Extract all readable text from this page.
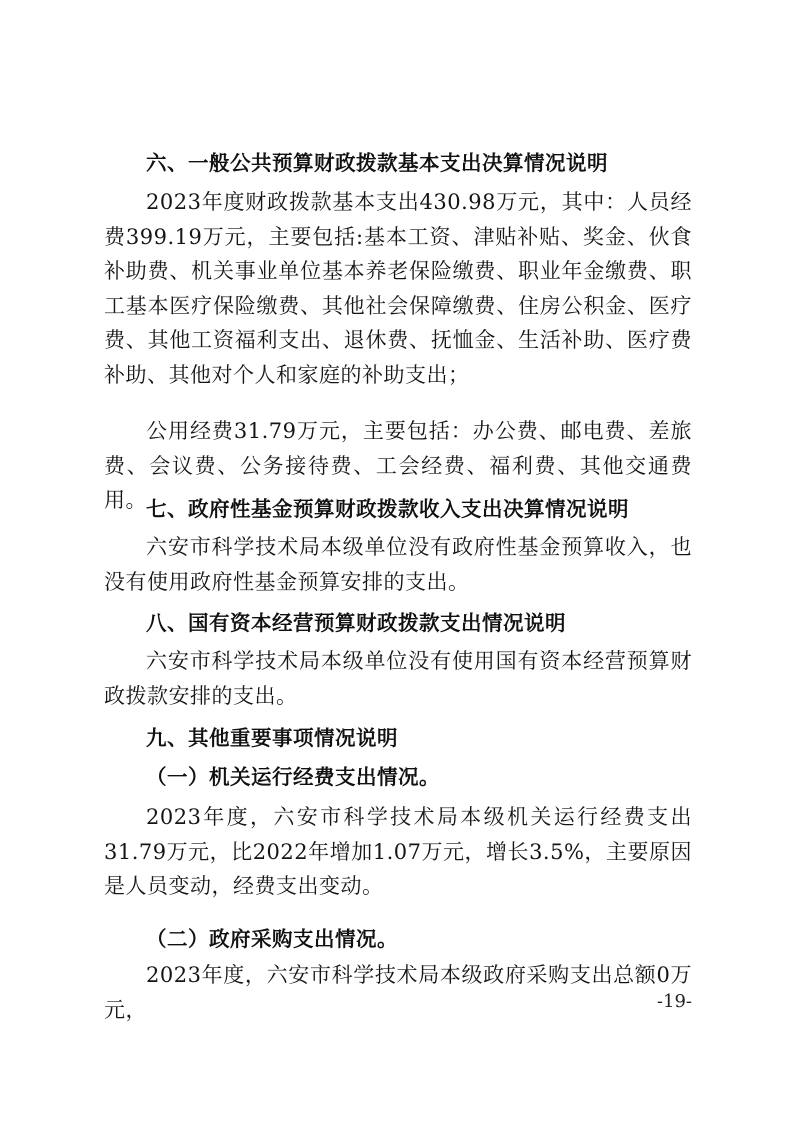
六、一般公共预算财政拨款基本支出决算情况说明

2023年度财政拨款基本支出430.98万元，其中：人员经费399.19万元，主要包括:基本工资、津贴补贴、奖金、伙食补助费、机关事业单位基本养老保险缴费、职业年金缴费、职工基本医疗保险缴费、其他社会保障缴费、住房公积金、医疗费、其他工资福利支出、退休费、抚恤金、生活补助、医疗费补助、其他对个人和家庭的补助支出；

公用经费31.79万元，主要包括：办公费、邮电费、差旅费、会议费、公务接待费、工会经费、福利费、其他交通费用。 七、政府性基金预算财政拨款收入支出决算情况说明

六安市科学技术局本级单位没有政府性基金预算收入，也没有使用政府性基金预算安排的支出。

八、国有资本经营预算财政拨款支出情况说明

六安市科学技术局本级单位没有使用国有资本经营预算财政拨款安排的支出。

九、其他重要事项情况说明
（一）机关运行经费支出情况。

2023年度，六安市科学技术局本级机关运行经费支出31.79万元，比2022年增加1.07万元，增长3.5%，主要原因是人员变动，经费支出变动。

（二）政府采购支出情况。

2023年度，六安市科学技术局本级政府采购支出总额0万元，	-19-
